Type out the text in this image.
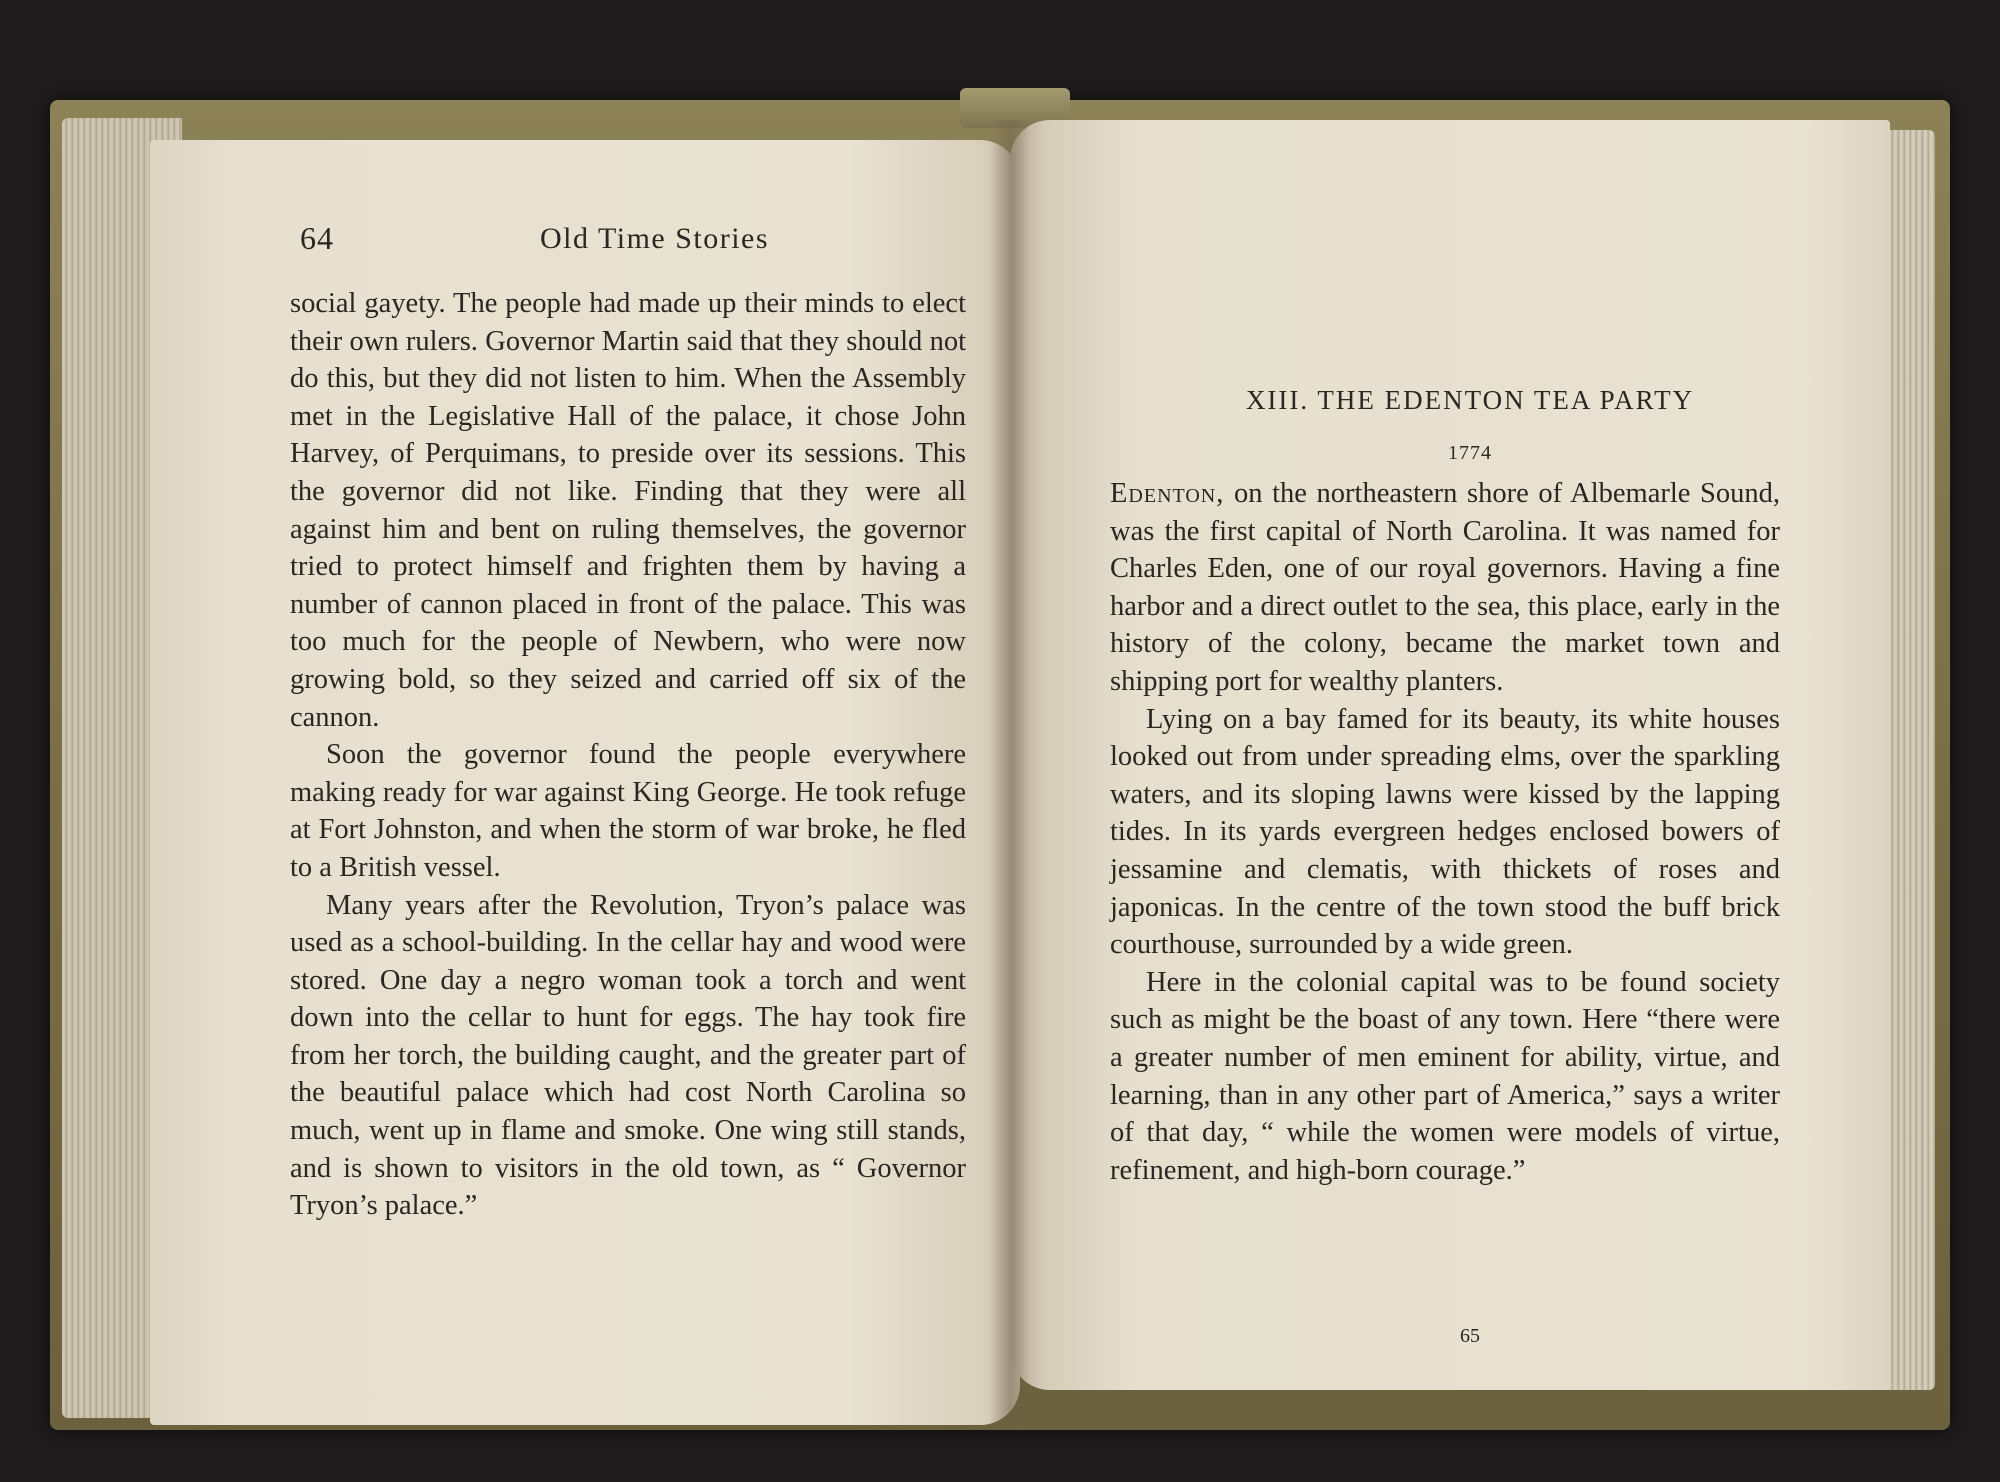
64	Old Time Stories

social gayety. The people had made up their minds to elect their own rulers. Governor Martin said that they should not do this, but they did not listen to him. When the Assembly met in the Legislative Hall of the palace, it chose John Harvey, of Perquimans, to preside over its sessions. This the governor did not like. Finding that they were all against him and bent on ruling themselves, the governor tried to protect himself and frighten them by having a number of cannon placed in front of the palace. This was too much for the people of Newbern, who were now growing bold, so they seized and carried off six of the cannon.

Soon the governor found the people everywhere making ready for war against King George. He took refuge at Fort Johnston, and when the storm of war broke, he fled to a British vessel.

Many years after the Revolution, Tryon’s palace was used as a school-building. In the cellar hay and wood were stored. One day a negro woman took a torch and went down into the cellar to hunt for eggs. The hay took fire from her torch, the building caught, and the greater part of the beautiful palace which had cost North Carolina so much, went up in flame and smoke. One wing still stands, and is shown to visitors in the old town, as “ Governor Tryon’s palace.”

XIII. THE EDENTON TEA PARTY
1774

Edenton, on the northeastern shore of Albemarle Sound, was the first capital of North Carolina. It was named for Charles Eden, one of our royal governors. Having a fine harbor and a direct outlet to the sea, this place, early in the history of the colony, became the market town and shipping port for wealthy planters.

Lying on a bay famed for its beauty, its white houses looked out from under spreading elms, over the sparkling waters, and its sloping lawns were kissed by the lapping tides. In its yards evergreen hedges enclosed bowers of jessamine and clematis, with thickets of roses and japonicas. In the centre of the town stood the buff brick courthouse, surrounded by a wide green.

Here in the colonial capital was to be found society such as might be the boast of any town. Here “there were a greater number of men eminent for ability, virtue, and learning, than in any other part of America,” says a writer of that day, “ while the women were models of virtue, refinement, and high-born courage.”

65
